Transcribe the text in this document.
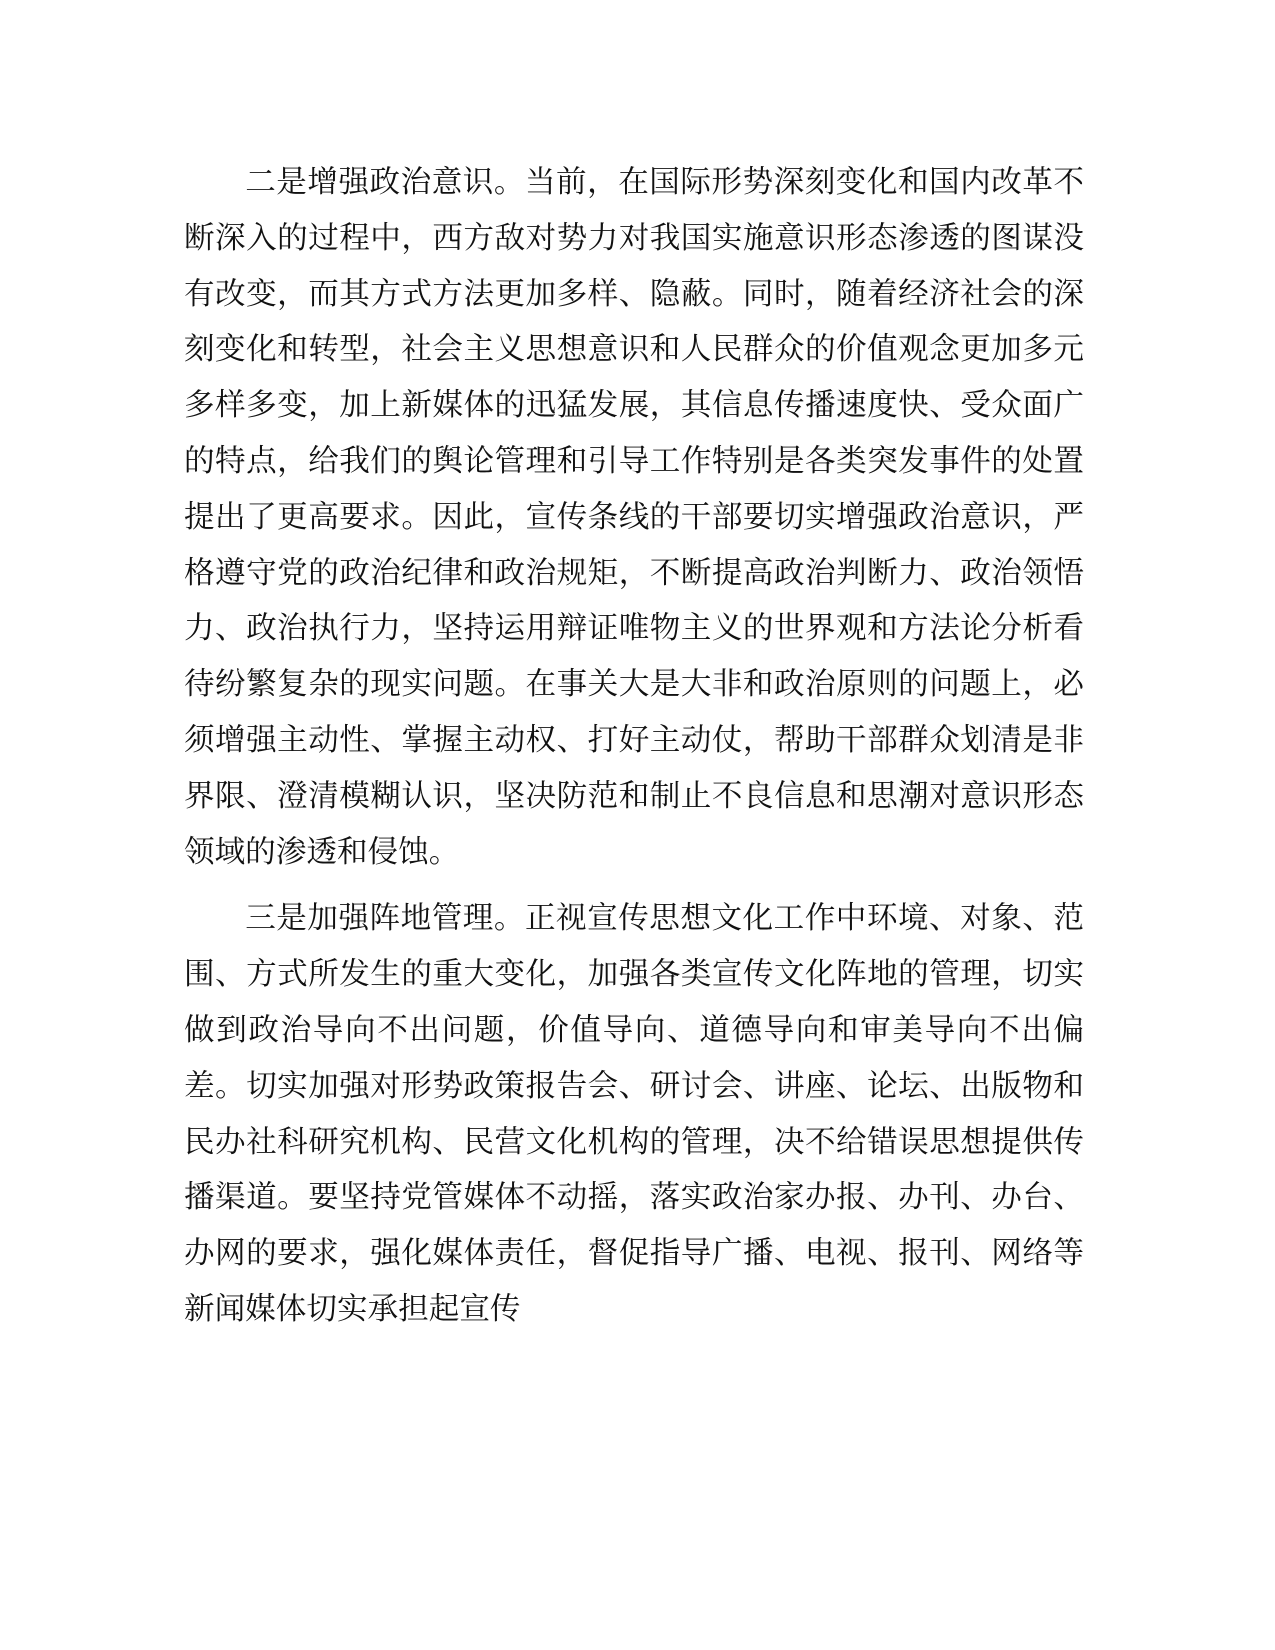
二是增强政治意识。当前，在国际形势深刻变化和国内改革不断深入的过程中，西方敌对势力对我国实施意识形态渗透的图谋没有改变，而其方式方法更加多样、隐蔽。同时，随着经济社会的深刻变化和转型，社会主义思想意识和人民群众的价值观念更加多元多样多变，加上新媒体的迅猛发展，其信息传播速度快、受众面广的特点，给我们的舆论管理和引导工作特别是各类突发事件的处置提出了更高要求。因此，宣传条线的干部要切实增强政治意识，严格遵守党的政治纪律和政治规矩，不断提高政治判断力、政治领悟力、政治执行力，坚持运用辩证唯物主义的世界观和方法论分析看待纷繁复杂的现实问题。在事关大是大非和政治原则的问题上，必须增强主动性、掌握主动权、打好主动仗，帮助干部群众划清是非界限、澄清模糊认识，坚决防范和制止不良信息和思潮对意识形态领域的渗透和侵蚀。

三是加强阵地管理。正视宣传思想文化工作中环境、对象、范围、方式所发生的重大变化，加强各类宣传文化阵地的管理，切实做到政治导向不出问题，价值导向、道德导向和审美导向不出偏差。切实加强对形势政策报告会、研讨会、讲座、论坛、出版物和民办社科研究机构、民营文化机构的管理，决不给错误思想提供传播渠道。要坚持党管媒体不动摇，落实政治家办报、办刊、办台、办网的要求，强化媒体责任，督促指导广播、电视、报刊、网络等新闻媒体切实承担起宣传
